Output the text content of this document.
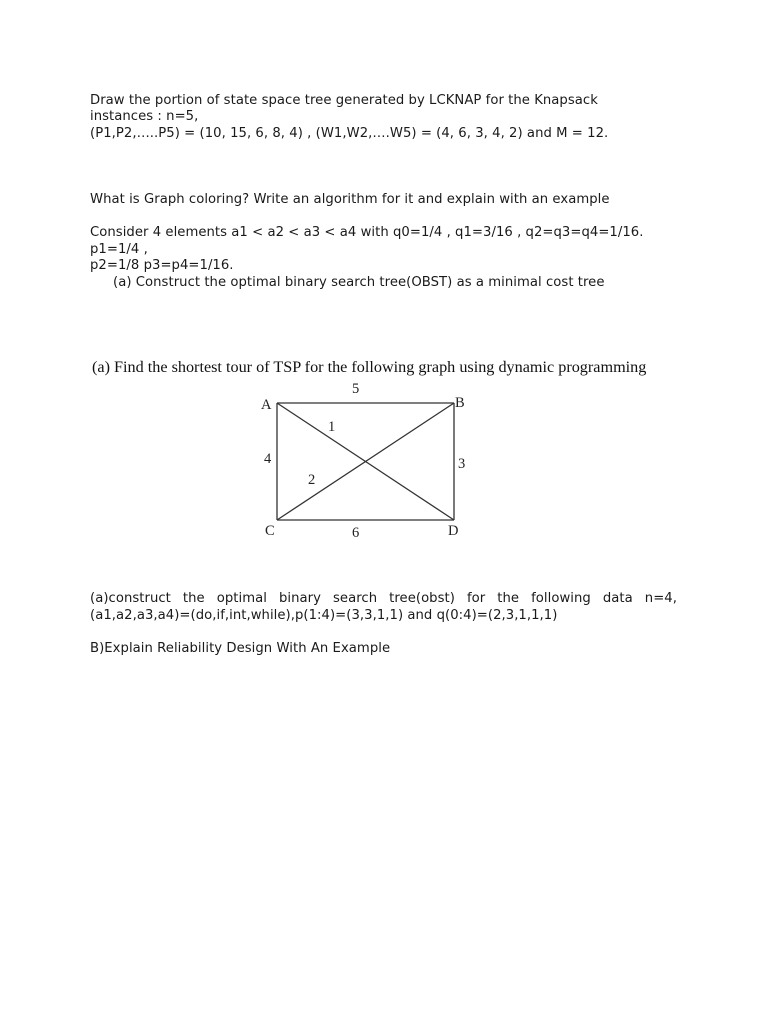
Draw the portion of state space tree generated by LCKNAP for the Knapsack
instances : n=5,
(P1,P2,…..P5) = (10, 15, 6, 8, 4) , (W1,W2,….W5) = (4, 6, 3, 4, 2) and M = 12.
What is Graph coloring? Write an algorithm for it and explain with an example
Consider 4 elements a1 < a2 < a3 < a4 with q0=1/4 , q1=3/16 , q2=q3=q4=1/16.
p1=1/4 ,
p2=1/8 p3=p4=1/16.
(a) Construct the optimal binary search tree(OBST) as a minimal cost tree
(a) Find the shortest tour of TSP for the following graph using dynamic programming
A	B
C	D
5
1
4
2
3
6
(a)construct the optimal binary search tree(obst) for the following data n=4,
(a1,a2,a3,a4)=(do,if,int,while),p(1:4)=(3,3,1,1) and q(0:4)=(2,3,1,1,1)
B)Explain Reliability Design With An Example
